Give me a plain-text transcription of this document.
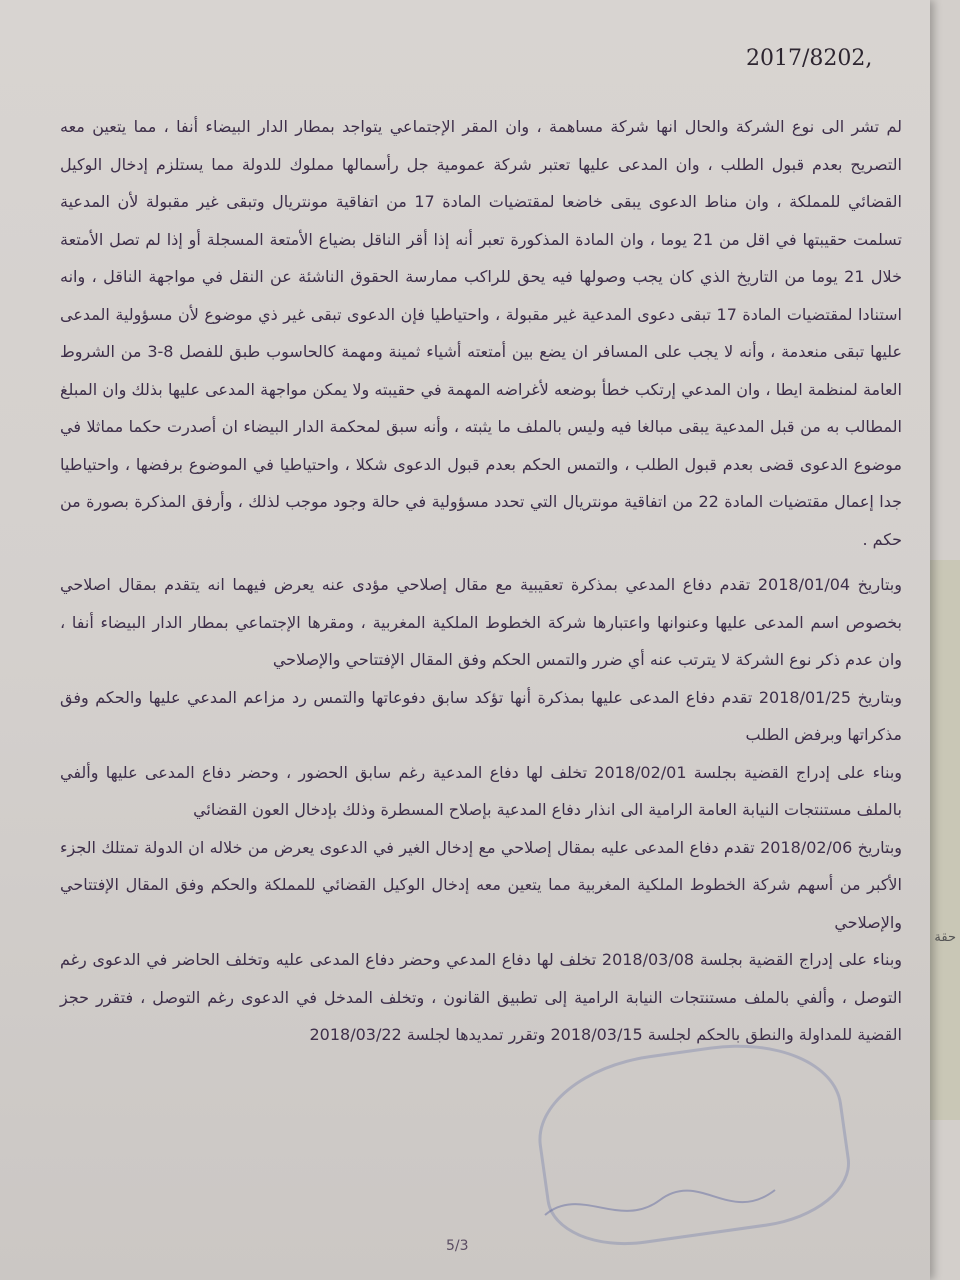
حقة

2017/8202,

لم تشر الى نوع الشركة والحال انها شركة مساهمة ، وان المقر الإجتماعي يتواجد بمطار الدار البيضاء أنفا ، مما يتعين معه التصريح بعدم قبول الطلب ، وان المدعى عليها تعتبر شركة عمومية جل رأسمالها مملوك للدولة مما يستلزم إدخال الوكيل القضائي للمملكة ، وان مناط الدعوى يبقى خاضعا لمقتضيات المادة 17 من اتفاقية مونتريال وتبقى غير مقبولة لأن المدعية تسلمت حقيبتها في اقل من 21 يوما ، وان المادة المذكورة تعبر أنه إذا أقر الناقل بضياع الأمتعة المسجلة أو إذا لم تصل الأمتعة خلال 21 يوما من التاريخ الذي كان يجب وصولها فيه يحق للراكب ممارسة الحقوق الناشئة عن النقل في مواجهة الناقل ، وانه استنادا لمقتضيات المادة 17 تبقى دعوى المدعية غير مقبولة ، واحتياطيا فإن الدعوى تبقى غير ذي موضوع لأن مسؤولية المدعى عليها تبقى منعدمة ، وأنه لا يجب على المسافر ان يضع بين أمتعته أشياء ثمينة ومهمة كالحاسوب طبق للفصل 8-3 من الشروط العامة لمنظمة ايطا ، وان المدعي إرتكب خطأ بوضعه لأغراضه المهمة في حقيبته ولا يمكن مواجهة المدعى عليها بذلك وان المبلغ المطالب به من قبل المدعية يبقى مبالغا فيه وليس بالملف ما يثبته ، وأنه سبق لمحكمة الدار البيضاء ان أصدرت حكما مماثلا في موضوع الدعوى قضى بعدم قبول الطلب ، والتمس الحكم بعدم قبول الدعوى شكلا ، واحتياطيا في الموضوع برفضها ، واحتياطيا جدا إعمال مقتضيات المادة 22 من اتفاقية مونتريال التي تحدد مسؤولية في حالة وجود موجب لذلك ، وأرفق المذكرة بصورة من حكم .

وبتاريخ 2018/01/04 تقدم دفاع المدعي بمذكرة تعقيبية مع مقال إصلاحي مؤدى عنه يعرض فيهما انه يتقدم بمقال اصلاحي بخصوص اسم المدعى عليها وعنوانها واعتبارها شركة الخطوط الملكية المغربية ، ومقرها الإجتماعي بمطار الدار البيضاء أنفا ، وان عدم ذكر نوع الشركة لا يترتب عنه أي ضرر والتمس الحكم وفق المقال الإفتتاحي والإصلاحي

وبتاريخ 2018/01/25 تقدم دفاع المدعى عليها بمذكرة أنها تؤكد سابق دفوعاتها والتمس رد مزاعم المدعي عليها والحكم وفق مذكراتها وبرفض الطلب

وبناء على إدراج القضية بجلسة 2018/02/01 تخلف لها دفاع المدعية رغم سابق الحضور ، وحضر دفاع المدعى عليها وألفي بالملف مستنتجات النيابة العامة الرامية الى انذار دفاع المدعية بإصلاح المسطرة وذلك بإدخال العون القضائي

وبتاريخ 2018/02/06 تقدم دفاع المدعى عليه بمقال إصلاحي مع إدخال الغير في الدعوى يعرض من خلاله ان الدولة تمتلك الجزء الأكبر من أسهم شركة الخطوط الملكية المغربية مما يتعين معه إدخال الوكيل القضائي للمملكة والحكم وفق المقال الإفتتاحي والإصلاحي

وبناء على إدراج القضية بجلسة 2018/03/08 تخلف لها دفاع المدعي وحضر دفاع المدعى عليه وتخلف الحاضر في الدعوى رغم التوصل ، وألفي بالملف مستنتجات النيابة الرامية إلى تطبيق القانون ، وتخلف المدخل في الدعوى رغم التوصل ، فتقرر حجز القضية للمداولة والنطق بالحكم لجلسة 2018/03/15 وتقرر تمديدها لجلسة 2018/03/22

5/3
